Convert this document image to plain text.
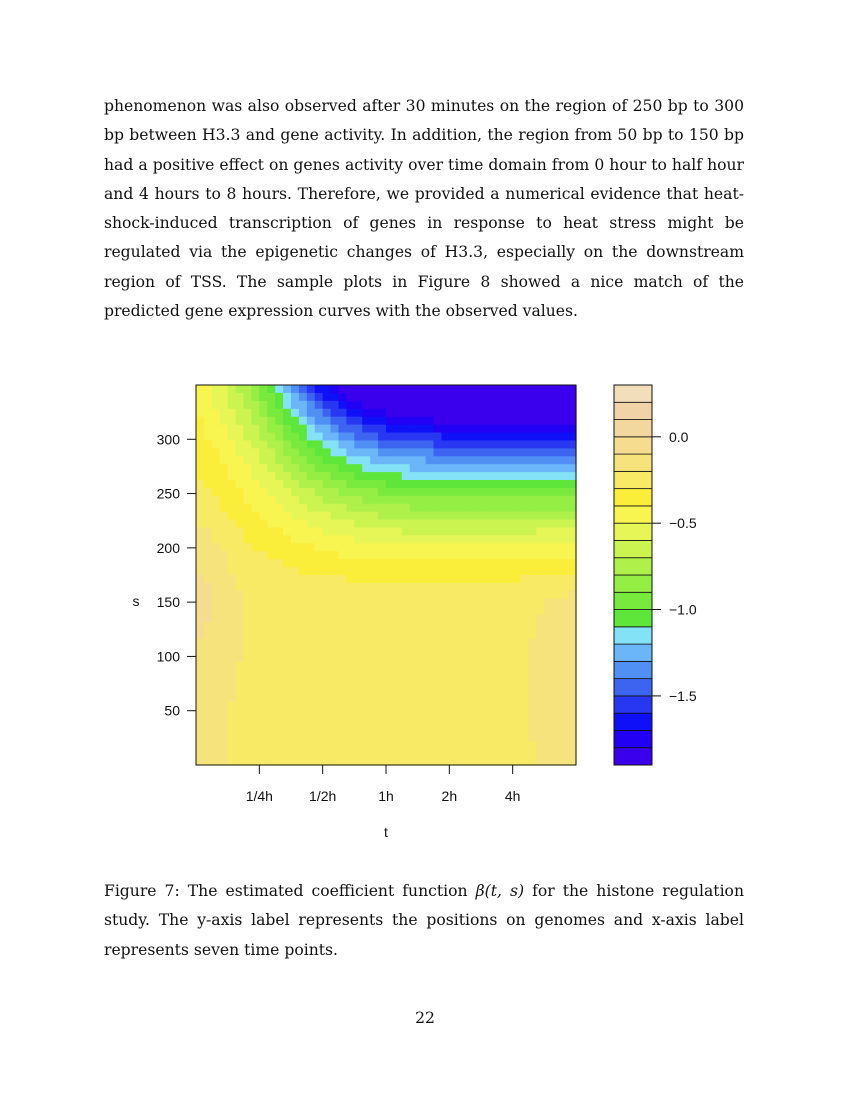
phenomenon was also observed after 30 minutes on the region of 250 bp to 300 bp between H3.3 and gene activity. In addition, the region from 50 bp to 150 bp had a positive effect on genes activity over time domain from 0 hour to half hour and 4 hours to 8 hours. Therefore, we provided a numerical evidence that heat-shock-induced transcription of genes in response to heat stress might be regulated via the epigenetic changes of H3.3, especially on the downstream region of TSS. The sample plots in Figure 8 showed a nice match of the predicted gene expression curves with the observed values.

50
100
150
200
250
300
1/4h	1/2h	1h	2h	4h
s
t
0.0
−0.5
−1.0
−1.5

Figure 7: The estimated coefficient function β(t, s) for the histone regulation study. The y-axis label represents the positions on genomes and x-axis label represents seven time points.

22
